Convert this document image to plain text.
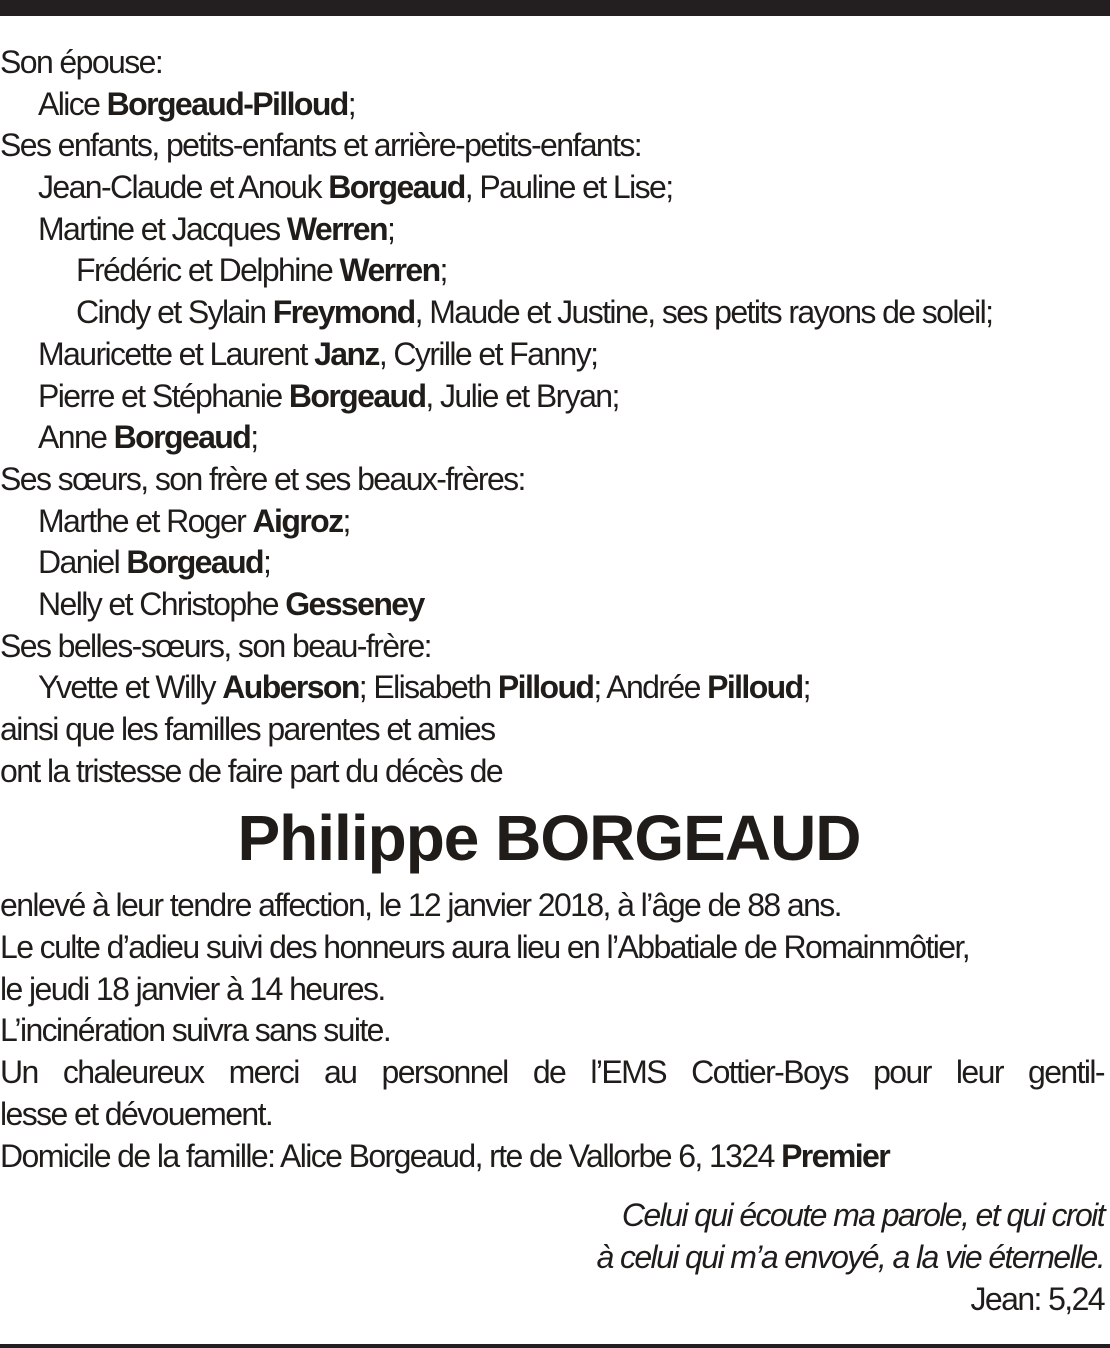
Son épouse:
Alice Borgeaud-Pilloud;
Ses enfants, petits-enfants et arrière-petits-enfants:
Jean-Claude et Anouk Borgeaud, Pauline et Lise;
Martine et Jacques Werren;
Frédéric et Delphine Werren;
Cindy et Sylain Freymond, Maude et Justine, ses petits rayons de soleil;
Mauricette et Laurent Janz, Cyrille et Fanny;
Pierre et Stéphanie Borgeaud, Julie et Bryan;
Anne Borgeaud;
Ses sœurs, son frère et ses beaux-frères:
Marthe et Roger Aigroz;
Daniel Borgeaud;
Nelly et Christophe Gesseney
Ses belles-sœurs, son beau-frère:
Yvette et Willy Auberson; Elisabeth Pilloud; Andrée Pilloud;
ainsi que les familles parentes et amies
ont la tristesse de faire part du décès de
Philippe BORGEAUD
enlevé à leur tendre affection, le 12 janvier 2018, à l’âge de 88 ans.
Le culte d’adieu suivi des honneurs aura lieu en l’Abbatiale de Romainmôtier,
le jeudi 18 janvier à 14 heures.
L’incinération suivra sans suite.
Un chaleureux merci au personnel de l’EMS Cottier-Boys pour leur gentil-
lesse et dévouement.
Domicile de la famille: Alice Borgeaud, rte de Vallorbe 6, 1324 Premier
Celui qui écoute ma parole, et qui croit
à celui qui m’a envoyé, a la vie éternelle.
Jean: 5,24
